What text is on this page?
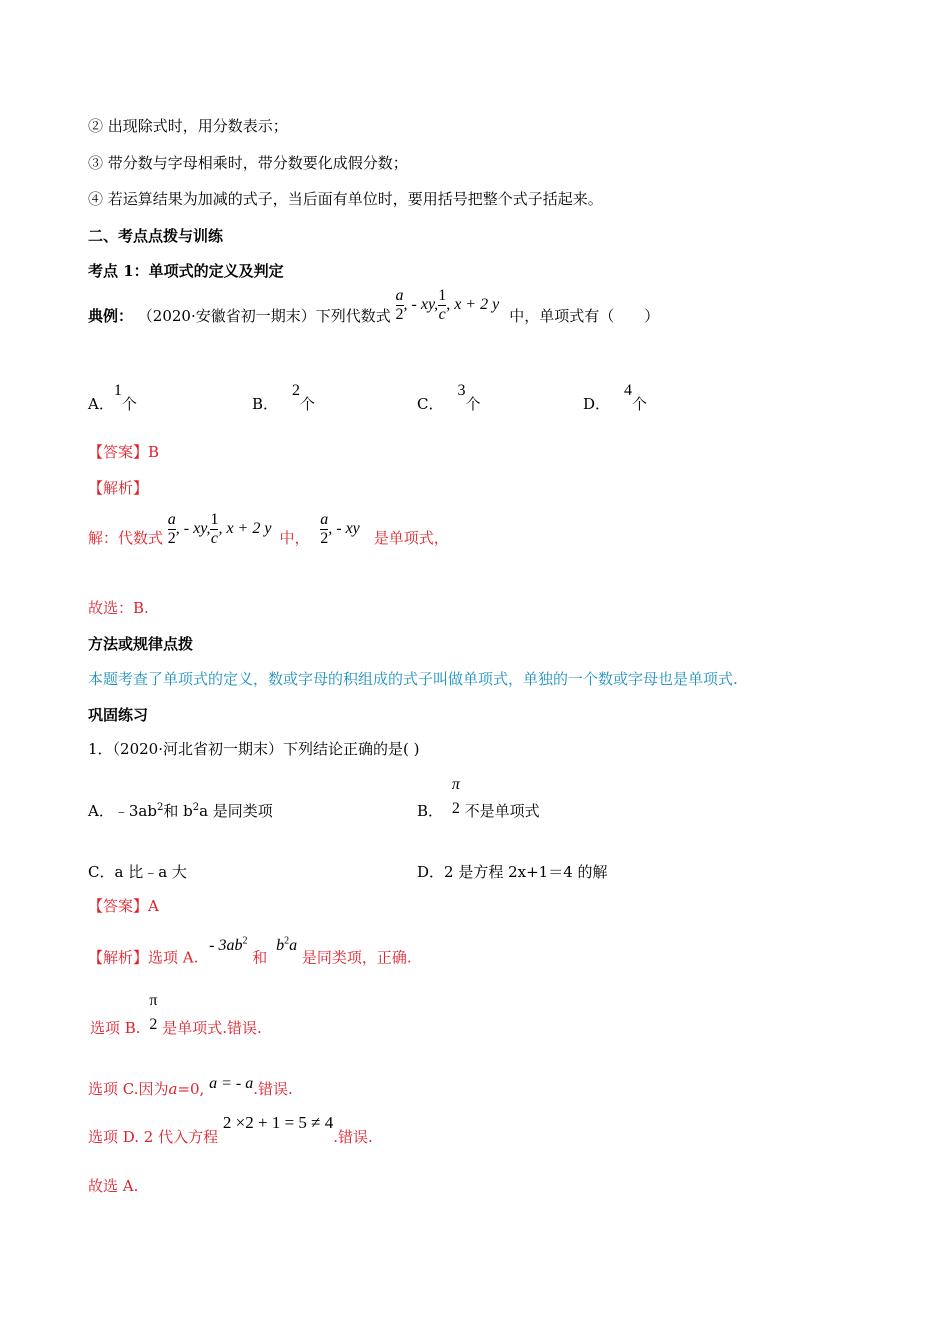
② 出现除式时，用分数表示；
③ 带分数与字母相乘时，带分数要化成假分数；
④ 若运算结果为加减的式子，当后面有单位时，要用括号把整个式子括起来。
二、考点点拨与训练
考点 1：单项式的定义及判定
典例： （2020·安徽省初一期末）下列代数式 $\frac{a}{2}$ , - xy, $\frac{1}{c}$ , x + 2 y 中，单项式有（　　）
A．1个	B．2个	C．3个	D．4个
【答案】B
【解析】
解：代数式 $\frac{a}{2}$ , - xy, $\frac{1}{c}$ , x + 2 y 中， $\frac{a}{2}$ , - xy 是单项式，
故选：B.
方法或规律点拨
本题考查了单项式的定义，数或字母的积组成的式子叫做单项式，单独的一个数或字母也是单项式.
巩固练习
1．（2020·河北省初一期末）下列结论正确的是( )
A．$﹣3ab^2$和 $b^2a$ 是同类项	B．
π
2 不是单项式
C．a 比﹣a 大	D．2 是方程 2x+1＝4 的解
【答案】A
【解析】选项 A. - $3ab^2$ 和 $b^2a$ 是同类项，正确.
选项 B.
π
2 是单项式.错误.
选项 C.因为a=0, a = - a.错误.
选项 D. 2 代入方程 2 ×2 + 1 = 5 ≠ 4.错误.
故选 A.
